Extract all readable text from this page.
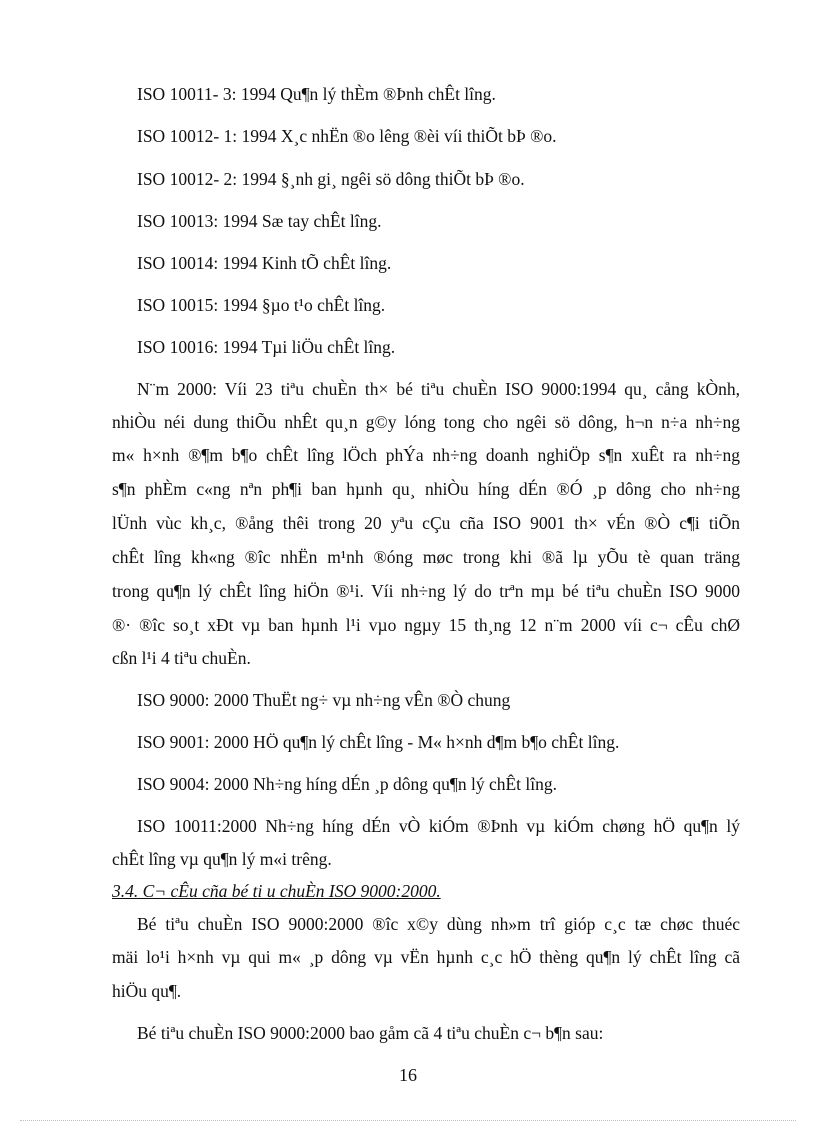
ISO 10011- 3: 1994 Qu¶n lý thÈm ®Þnh chÊt lîng.

ISO 10012- 1: 1994 X¸c nhËn ®o lêng ®èi víi thiÕt bÞ ®o.

ISO 10012- 2: 1994 §¸nh gi¸ ngêi sö dông thiÕt bÞ ®o.

ISO 10013: 1994 Sæ tay chÊt lîng.

ISO 10014: 1994 Kinh tÕ chÊt lîng.

ISO 10015: 1994 §µo t¹o chÊt lîng.

ISO 10016: 1994 Tµi liÖu chÊt lîng.

N¨m 2000: Víi 23 tiªu chuÈn th× bé tiªu chuÈn ISO 9000:1994 qu¸ cång kÒnh,

nhiÒu néi dung thiÕu nhÊt qu¸n g©y lóng tong cho ngêi sö dông, h¬n n÷a nh÷ng

m« h×nh ®¶m b¶o chÊt lîng lÖch phÝa nh÷ng doanh nghiÖp s¶n xuÊt ra nh÷ng

s¶n phÈm c«ng nªn ph¶i ban hµnh qu¸ nhiÒu híng dÉn ®Ó ¸p dông cho nh÷ng

lÜnh vùc kh¸c, ®ång thêi trong 20 yªu cÇu cña ISO 9001 th× vÉn ®Ò c¶i tiÕn

chÊt lîng kh«ng ®îc nhËn m¹nh ®óng møc trong khi ®ã lµ yÕu tè quan träng

trong qu¶n lý chÊt lîng hiÖn ®¹i. Víi nh÷ng lý do trªn mµ bé tiªu chuÈn ISO 9000

®· ®îc so¸t xÐt vµ ban hµnh l¹i vµo ngµy 15 th¸ng 12 n¨m 2000 víi c¬ cÊu chØ

cßn l¹i 4 tiªu chuÈn.

ISO 9000: 2000 ThuËt ng÷ vµ nh÷ng vÊn ®Ò chung

ISO 9001: 2000 HÖ qu¶n lý chÊt lîng - M« h×nh d¶m b¶o chÊt lîng.

ISO 9004: 2000 Nh÷ng híng dÉn ¸p dông qu¶n lý chÊt lîng.

ISO 10011:2000 Nh÷ng híng dÉn vÒ kiÓm ®Þnh vµ kiÓm chøng hÖ qu¶n lý

chÊt lîng vµ qu¶n lý m«i trêng.

3.4. C¬ cÊu cña bé ti u chuÈn ISO 9000:2000.

Bé tiªu chuÈn ISO 9000:2000 ®îc x©y dùng nh»m trî gióp c¸c tæ chøc thuéc

mäi lo¹i h×nh vµ qui m« ¸p dông vµ vËn hµnh c¸c hÖ thèng qu¶n lý chÊt lîng cã

hiÖu qu¶.

Bé tiªu chuÈn ISO 9000:2000 bao gåm cã 4 tiªu chuÈn c¬ b¶n sau:

16
